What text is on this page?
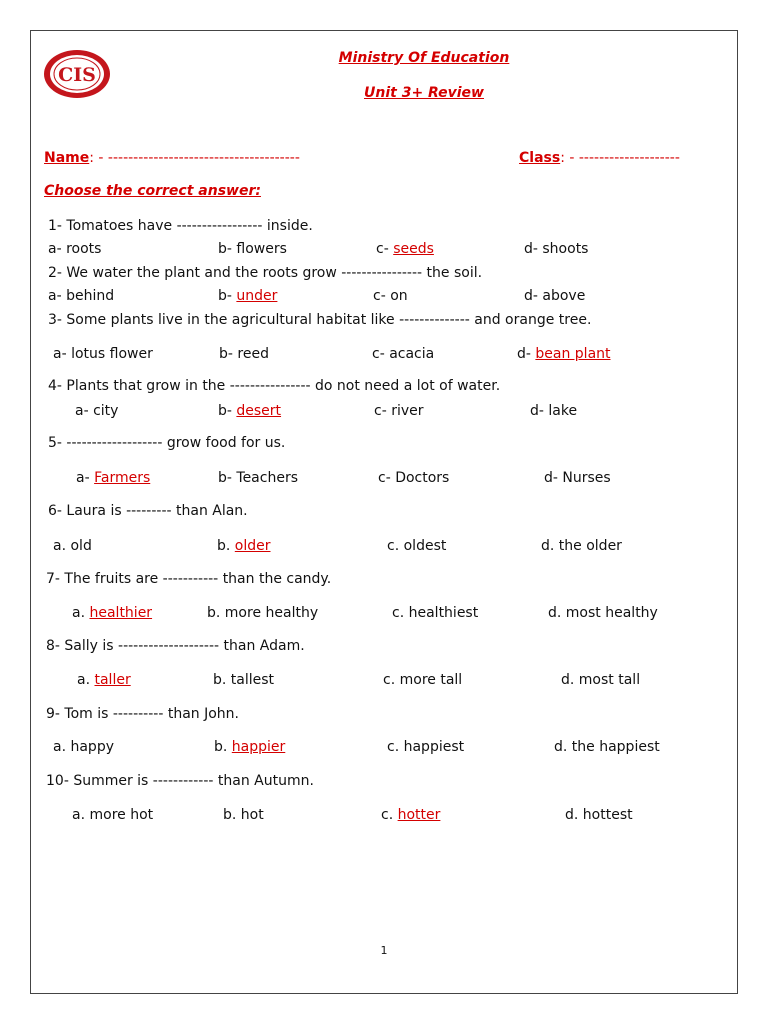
CIS
Ministry Of Education
Unit 3+ Review
Name: - --------------------------------------	Class: - --------------------
Choose the correct answer:
1- Tomatoes have ----------------- inside.
a- roots	b- flowers	c- seeds	d- shoots
2- We water the plant and the roots grow ---------------- the soil.
a- behind	b- under	c- on	d- above
3- Some plants live in the agricultural habitat like -------------- and orange tree.
a- lotus flower	b- reed	c- acacia	d- bean plant
4- Plants that grow in the ---------------- do not need a lot of water.
a- city	b- desert	c- river	d- lake
5- ------------------- grow food for us.
a- Farmers	b- Teachers	c- Doctors	d- Nurses
6- Laura is --------- than Alan.
a. old	b. older	c. oldest	d. the older
7- The fruits are ----------- than the candy.
a. healthier	b. more healthy	c. healthiest	d. most healthy
8- Sally is -------------------- than Adam.
a. taller	b. tallest	c. more tall	d. most tall
9- Tom is ---------- than John.
a. happy	b. happier	c. happiest	d. the happiest
10- Summer is ------------ than Autumn.
a. more hot	b. hot	c. hotter	d. hottest
1
